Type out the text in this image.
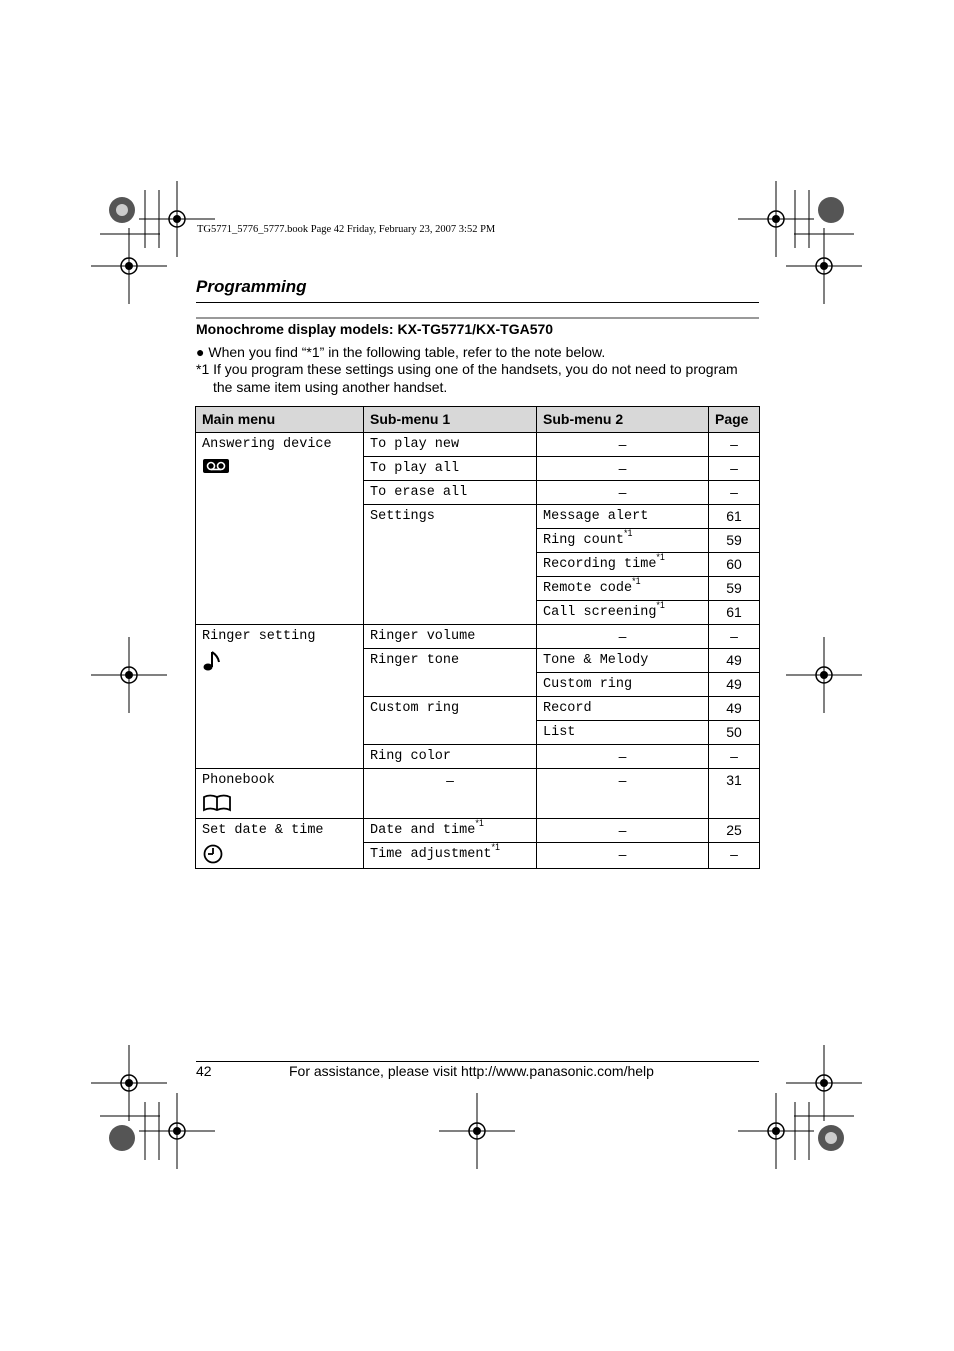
TG5771_5776_5777.book Page 42 Friday, February 23, 2007 3:52 PM
Programming
Monochrome display models: KX-TG5771/KX-TGA570
● When you find “*1” in the following table, refer to the note below.
*1 If you program these settings using one of the handsets, you do not need to program
the same item using another handset.
Main menu	Sub-menu 1	Sub-menu 2	Page
Answering device	To play new	–	–
	To play all	–	–
	To erase all	–	–
	Settings	Message alert	61
		Ring count$^{*1}$	59
		Recording time$^{*1}$	60
		Remote code$^{*1}$	59
		Call screening$^{*1}$	61
Ringer setting	Ringer volume	–	–
	Ringer tone	Tone & Melody	49
		Custom ring	49
	Custom ring	Record	49
		List	50
	Ring color	–	–
Phonebook	–	–	31
Set date & time	Date and time$^{*1}$	–	25
	Time adjustment$^{*1}$	–	–
42	For assistance, please visit http://www.panasonic.com/help
